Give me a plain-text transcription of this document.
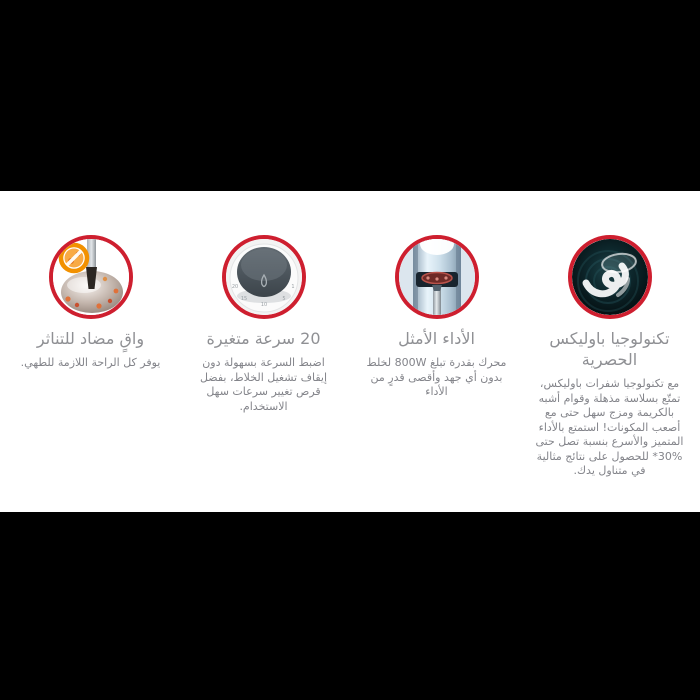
تكنولوجيا باوليكس الحصرية

مع تكنولوجيا شفرات باوليكس، تمتّع بسلاسة مذهلة وقوام أشبه بالكريمة ومزج سهل حتى مع أصعب المكونات! استمتع بالأداء المتميز والأسرع بنسبة تصل حتى %30* للحصول على نتائج مثالية في متناول يدك.

الأداء الأمثل

محرك بقدرة تبلغ 800W لخلط بدون أي جهد وأقصى قدرٍ من الأداء

20
15
10
5
1
20 سرعة متغيرة

اضبط السرعة بسهولة دون إيقاف تشغيل الخلاط، بفضل قرص تغيير سرعات سهل الاستخدام.

واقٍ مضاد للتناثر

يوفر كل الراحة اللازمة للطهي.
